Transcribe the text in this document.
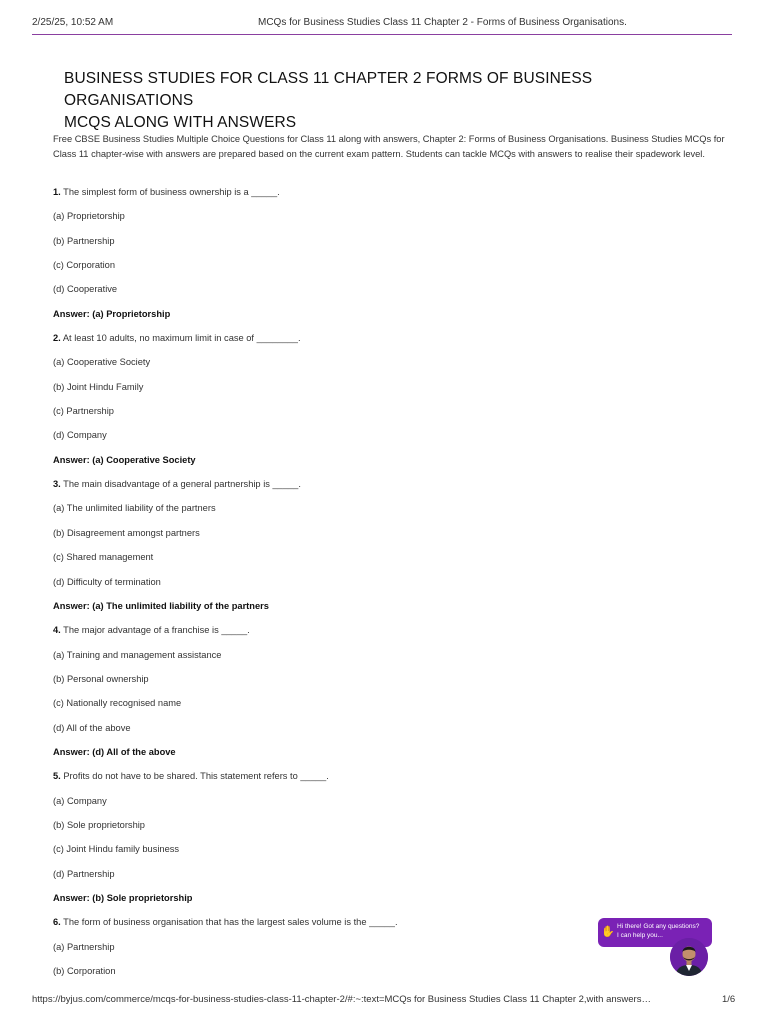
2/25/25, 10:52 AM	MCQs for Business Studies Class 11 Chapter 2 - Forms of Business Organisations.
BUSINESS STUDIES FOR CLASS 11 CHAPTER 2 FORMS OF BUSINESS ORGANISATIONS
MCQS ALONG WITH ANSWERS

Free CBSE Business Studies Multiple Choice Questions for Class 11 along with answers, Chapter 2: Forms of Business Organisations. Business Studies MCQs for Class 11 chapter-wise with answers are prepared based on the current exam pattern. Students can tackle MCQs with answers to realise their spadework level.

1. The simplest form of business ownership is a _____.
(a) Proprietorship
(b) Partnership
(c) Corporation
(d) Cooperative
Answer: (a) Proprietorship
2. At least 10 adults, no maximum limit in case of ________.
(a) Cooperative Society
(b) Joint Hindu Family
(c) Partnership
(d) Company
Answer: (a) Cooperative Society
3. The main disadvantage of a general partnership is _____.
(a) The unlimited liability of the partners
(b) Disagreement amongst partners
(c) Shared management
(d) Difficulty of termination
Answer: (a) The unlimited liability of the partners
4. The major advantage of a franchise is _____.
(a) Training and management assistance
(b) Personal ownership
(c) Nationally recognised name
(d) All of the above
Answer: (d) All of the above
5. Profits do not have to be shared. This statement refers to _____.
(a) Company
(b) Sole proprietorship
(c) Joint Hindu family business
(d) Partnership
Answer: (b) Sole proprietorship
6. The form of business organisation that has the largest sales volume is the _____.
(a) Partnership
(b) Corporation
✋ Hi there! Got any questions?
I can help you...
https://byjus.com/commerce/mcqs-for-business-studies-class-11-chapter-2/#:~:text=MCQs for Business Studies Class 11 Chapter 2,with answers…	1/6
